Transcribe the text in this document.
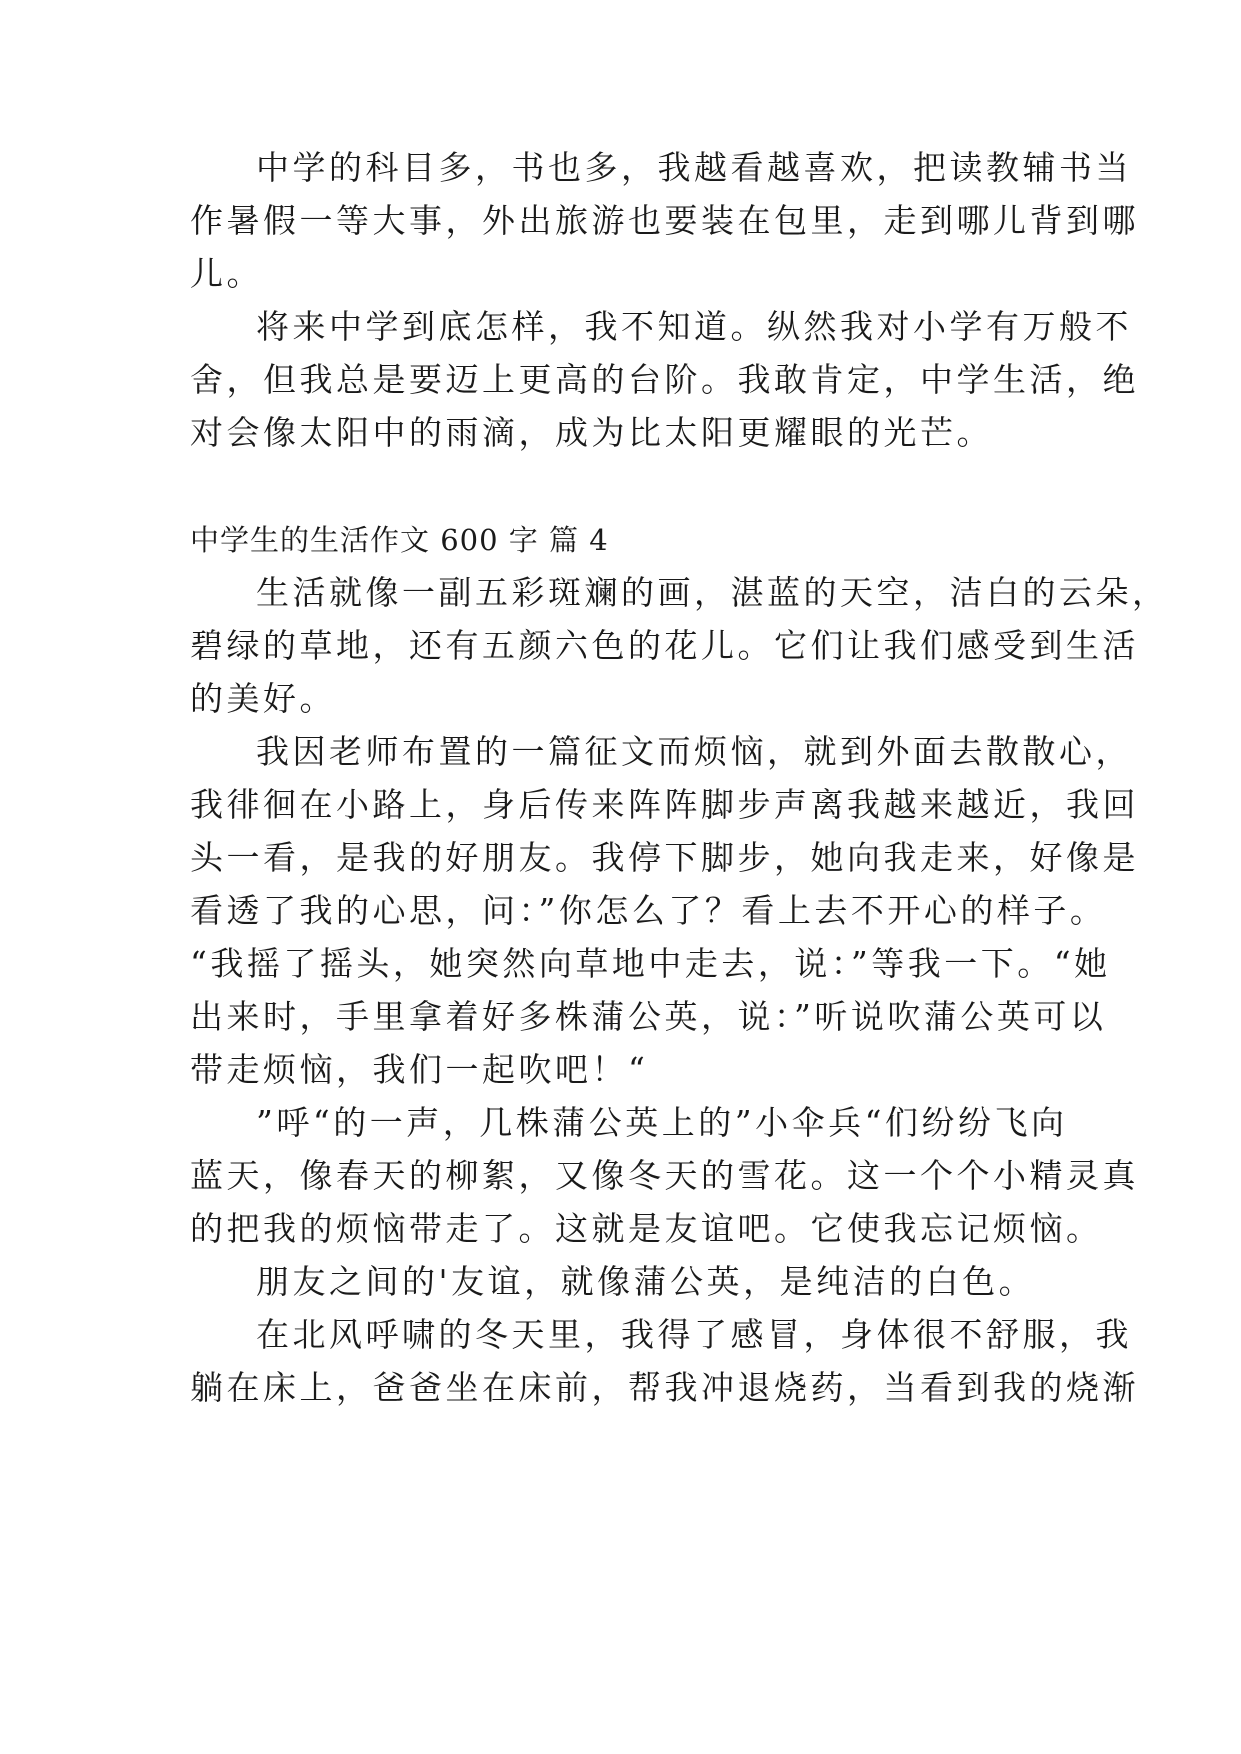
中学的科目多，书也多，我越看越喜欢，把读教辅书当
作暑假一等大事，外出旅游也要装在包里，走到哪儿背到哪
儿。
将来中学到底怎样，我不知道。纵然我对小学有万般不
舍，但我总是要迈上更高的台阶。我敢肯定，中学生活，绝
对会像太阳中的雨滴，成为比太阳更耀眼的光芒。
中学生的生活作文 600 字 篇 4
生活就像一副五彩斑斓的画，湛蓝的天空，洁白的云朵，
碧绿的草地，还有五颜六色的花儿。它们让我们感受到生活
的美好。
我因老师布置的一篇征文而烦恼，就到外面去散散心，
我徘徊在小路上，身后传来阵阵脚步声离我越来越近，我回
头一看，是我的好朋友。我停下脚步，她向我走来，好像是
看透了我的心思，问：”你怎么了？看上去不开心的样子。
“我摇了摇头，她突然向草地中走去，说：”等我一下。“她
出来时，手里拿着好多株蒲公英，说：”听说吹蒲公英可以
带走烦恼，我们一起吹吧！“
”呼“的一声，几株蒲公英上的”小伞兵“们纷纷飞向
蓝天，像春天的柳絮，又像冬天的雪花。这一个个小精灵真
的把我的烦恼带走了。这就是友谊吧。它使我忘记烦恼。
朋友之间的'友谊，就像蒲公英，是纯洁的白色。
在北风呼啸的冬天里，我得了感冒，身体很不舒服，我
躺在床上，爸爸坐在床前，帮我冲退烧药，当看到我的烧渐
